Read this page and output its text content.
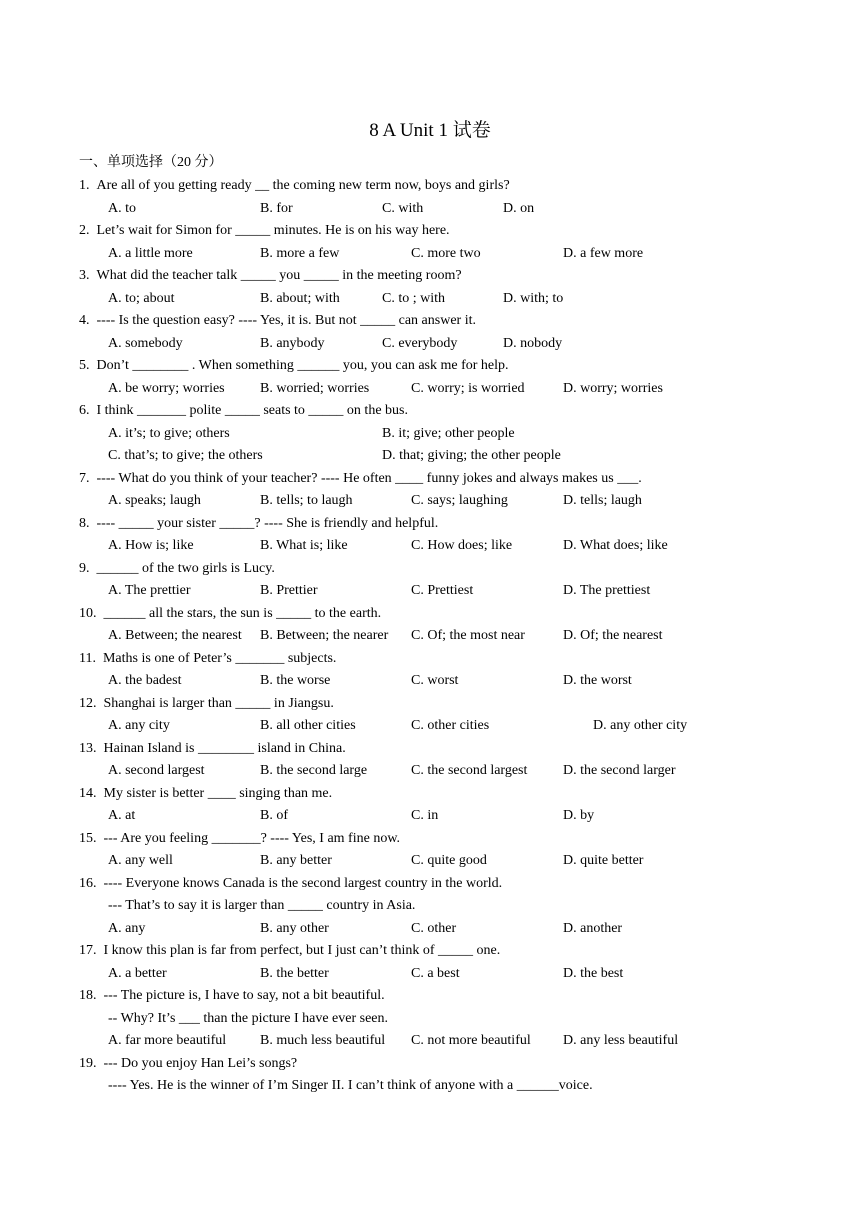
8 A Unit 1 试卷
一、单项选择（20 分）
1. Are all of you getting ready __ the coming new term now, boys and girls?
A. to	B. for	C. with	D. on
2. Let’s wait for Simon for _____ minutes. He is on his way here.
A. a little more	B. more a few	C. more two	D. a few more
3. What did the teacher talk _____ you _____ in the meeting room?
A. to; about	B. about; with	C. to ; with	D. with; to
4. ---- Is the question easy? ---- Yes, it is. But not _____ can answer it.
A. somebody	B. anybody	C. everybody	D. nobody
5. Don’t ________ . When something ______ you, you can ask me for help.
A. be worry; worries	B. worried; worries	C. worry; is worried	D. worry; worries
6. I think _______ polite _____ seats to _____ on the bus.
A. it’s; to give; others	B. it; give; other people
C. that’s; to give; the others	D. that; giving; the other people
7. ---- What do you think of your teacher? ---- He often ____ funny jokes and always makes us ___.
A. speaks; laugh	B. tells; to laugh	C. says; laughing	D. tells; laugh
8. ---- _____ your sister _____? ---- She is friendly and helpful.
A. How is; like	B. What is; like	C. How does; like	D. What does; like
9. ______ of the two girls is Lucy.
A. The prettier	B. Prettier	C. Prettiest	D. The prettiest
10. ______ all the stars, the sun is _____ to the earth.
A. Between; the nearest B. Between; the nearer C. Of; the most near	D. Of; the nearest
11. Maths is one of Peter’s _______ subjects.
A. the badest	B. the worse	C. worst	D. the worst
12. Shanghai is larger than _____ in Jiangsu.
A. any city	B. all other cities	C. other cities	D. any other city
13. Hainan Island is ________ island in China.
A. second largest	B. the second large	C. the second largest	D. the second larger
14. My sister is better ____ singing than me.
A. at	B. of	C. in	D. by
15. --- Are you feeling _______? ---- Yes, I am fine now.
A. any well	B. any better	C. quite good	D. quite better
16. ---- Everyone knows Canada is the second largest country in the world.
--- That’s to say it is larger than _____ country in Asia.
A. any	B. any other	C. other	D. another
17. I know this plan is far from perfect, but I just can’t think of _____ one.
A. a better	B. the better	C. a best	D. the best
18. --- The picture is, I have to say, not a bit beautiful.
-- Why? It’s ___ than the picture I have ever seen.
A. far more beautiful B. much less beautiful C. not more beautiful D. any less beautiful
19. --- Do you enjoy Han Lei’s songs?
---- Yes. He is the winner of I’m Singer II. I can’t think of anyone with a ______voice.
